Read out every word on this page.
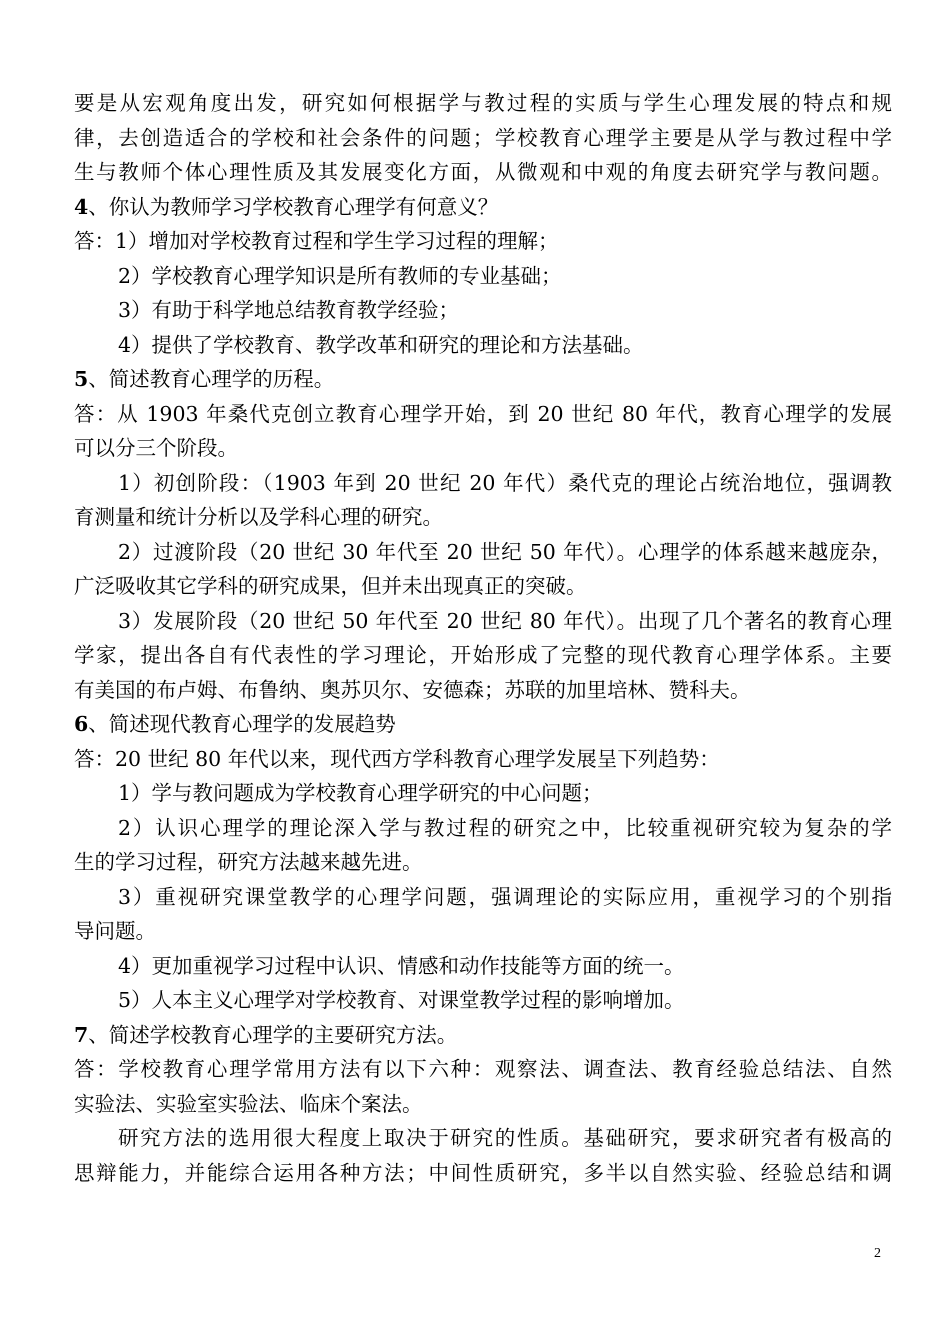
要是从宏观角度出发，研究如何根据学与教过程的实质与学生心理发展的特点和规
律，去创造适合的学校和社会条件的问题；学校教育心理学主要是从学与教过程中学
生与教师个体心理性质及其发展变化方面，从微观和中观的角度去研究学与教问题。
4、你认为教师学习学校教育心理学有何意义？
答：1）增加对学校教育过程和学生学习过程的理解；
2）学校教育心理学知识是所有教师的专业基础；
3）有助于科学地总结教育教学经验；
4）提供了学校教育、教学改革和研究的理论和方法基础。
5、简述教育心理学的历程。
答：从 1903 年桑代克创立教育心理学开始，到 20 世纪 80 年代，教育心理学的发展
可以分三个阶段。
1）初创阶段：（1903 年到 20 世纪 20 年代）桑代克的理论占统治地位，强调教
育测量和统计分析以及学科心理的研究。
2）过渡阶段（20 世纪 30 年代至 20 世纪 50 年代）。心理学的体系越来越庞杂，
广泛吸收其它学科的研究成果，但并未出现真正的突破。
3）发展阶段（20 世纪 50 年代至 20 世纪 80 年代）。出现了几个著名的教育心理
学家，提出各自有代表性的学习理论，开始形成了完整的现代教育心理学体系。主要
有美国的布卢姆、布鲁纳、奥苏贝尔、安德森；苏联的加里培林、赞科夫。
6、简述现代教育心理学的发展趋势
答：20 世纪 80 年代以来，现代西方学科教育心理学发展呈下列趋势：
1）学与教问题成为学校教育心理学研究的中心问题；
2）认识心理学的理论深入学与教过程的研究之中，比较重视研究较为复杂的学
生的学习过程，研究方法越来越先进。
3）重视研究课堂教学的心理学问题，强调理论的实际应用，重视学习的个别指
导问题。
4）更加重视学习过程中认识、情感和动作技能等方面的统一。
5）人本主义心理学对学校教育、对课堂教学过程的影响增加。
7、简述学校教育心理学的主要研究方法。
答：学校教育心理学常用方法有以下六种：观察法、调查法、教育经验总结法、自然
实验法、实验室实验法、临床个案法。
研究方法的选用很大程度上取决于研究的性质。基础研究，要求研究者有极高的
思辩能力，并能综合运用各种方法；中间性质研究，多半以自然实验、经验总结和调
2
